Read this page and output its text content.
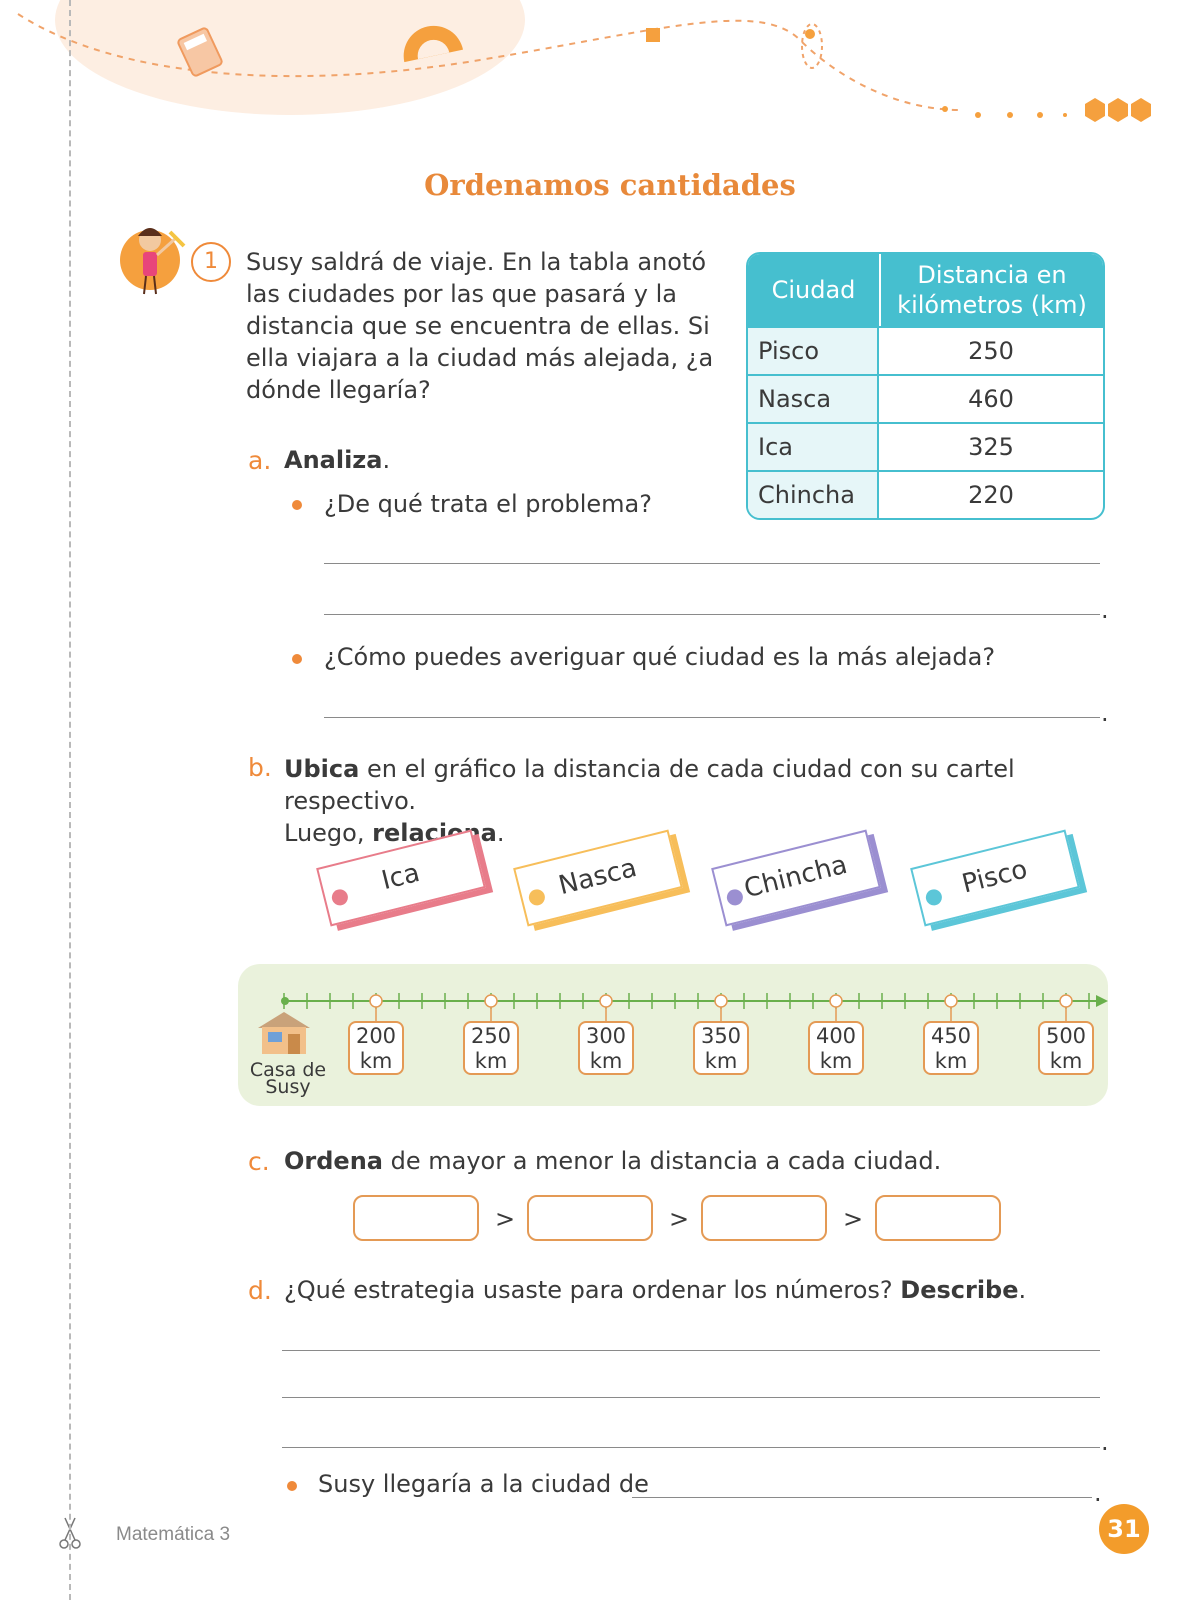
Ordenamos cantidades
1	Susy saldrá de viaje. En la tabla anotó las ciudades por las que pasará y la distancia que se encuentra de ellas. Si ella viajara a la ciudad más alejada, ¿a dónde llegaría?
Ciudad	Distancia en kilómetros (km)
Pisco	250
Nasca	460
Ica	325
Chincha	220
a. Analiza.
¿De qué trata el problema?
.
¿Cómo puedes averiguar qué ciudad es la más alejada?
.
b. Ubica en el gráfico la distancia de cada ciudad con su cartel respectivo.
Luego, relaciona.
Ica	Nasca	Chincha	Pisco
200
km
250
km
300
km
350
km
400
km
450
km
500
km
Casa de Susy
c. Ordena de mayor a menor la distancia a cada ciudad.
>	>	>
d. ¿Qué estrategia usaste para ordenar los números? Describe.
.
Susy llegaría a la ciudad de	.
Matemática 3	31
